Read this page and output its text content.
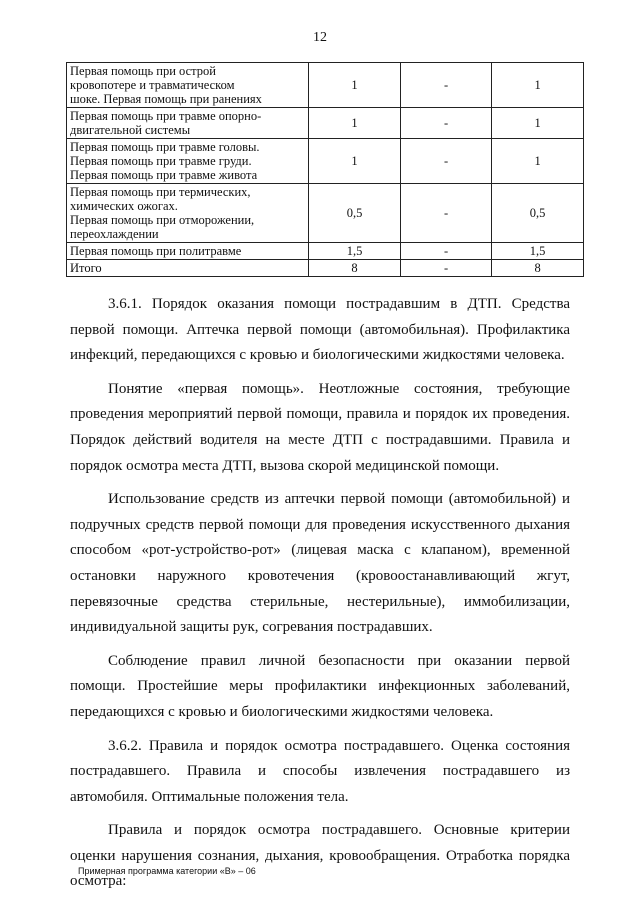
12
Первая помощь при острой
кровопотере и травматическом
шоке. Первая помощь при ранениях	1	-	1

Первая помощь при травме опорно-
двигательной системы	1	-	1

Первая помощь при травме головы.
Первая помощь при травме груди.
Первая помощь при травме живота	1	-	1

Первая помощь при термических,
химических ожогах.
Первая помощь при отморожении,
переохлаждении	0,5	-	0,5

Первая помощь при политравме	1,5	-	1,5

Итого	8	-	8

3.6.1. Порядок оказания помощи пострадавшим в ДТП. Средства первой помощи. Аптечка первой помощи (автомобильная). Профилактика инфекций, передающихся с кровью и биологическими жидкостями человека.

Понятие «первая помощь». Неотложные состояния, требующие проведения мероприятий первой помощи, правила и порядок их проведения. Порядок действий водителя на месте ДТП с пострадавшими. Правила и порядок осмотра места ДТП, вызова скорой медицинской помощи.

Использование средств из аптечки первой помощи (автомобильной) и подручных средств первой помощи для проведения искусственного дыхания способом «рот-устройство-рот» (лицевая маска с клапаном), временной остановки наружного кровотечения (кровоостанавливающий жгут, перевязочные средства стерильные, нестерильные), иммобилизации, индивидуальной защиты рук, согревания пострадавших.

Соблюдение правил личной безопасности при оказании первой помощи. Простейшие меры профилактики инфекционных заболеваний, передающихся с кровью и биологическими жидкостями человека.

3.6.2. Правила и порядок осмотра пострадавшего. Оценка состояния пострадавшего. Правила и способы извлечения пострадавшего из автомобиля. Оптимальные положения тела.

Правила и порядок осмотра пострадавшего. Основные критерии оценки нарушения сознания, дыхания, кровообращения. Отработка порядка осмотра:

Примерная программа категории «В» – 06
